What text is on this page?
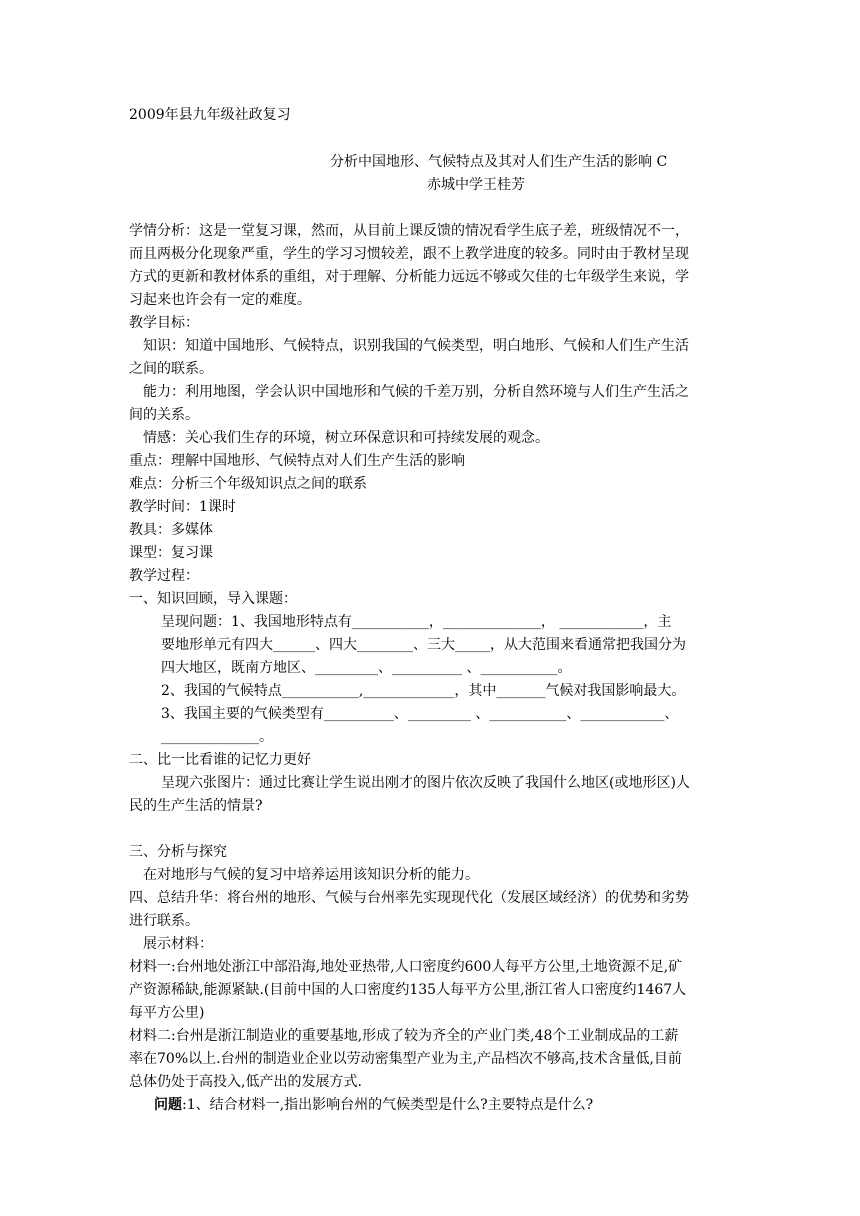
2009年县九年级社政复习
分析中国地形、气候特点及其对人们生产生活的影响 C
赤城中学王桂芳
学情分析：这是一堂复习课，然而，从目前上课反馈的情况看学生底子差，班级情况不一，
而且两极分化现象严重，学生的学习习惯较差，跟不上教学进度的较多。同时由于教材呈现
方式的更新和教材体系的重组，对于理解、分析能力远远不够或欠佳的七年级学生来说，学
习起来也许会有一定的难度。
教学目标：
知识：知道中国地形、气候特点，识别我国的气候类型，明白地形、气候和人们生产生活
之间的联系。
能力：利用地图，学会认识中国地形和气候的千差万别，分析自然环境与人们生产生活之
间的关系。
情感：关心我们生存的环境，树立环保意识和可持续发展的观念。
重点：理解中国地形、气候特点对人们生产生活的影响
难点：分析三个年级知识点之间的联系
教学时间：1课时
教具：多媒体
课型：复习课
教学过程：
一、知识回顾，导入课题：
呈现问题：1、我国地形特点有___________，______________， ____________，主
要地形单元有四大______、四大________、三大_____，从大范围来看通常把我国分为
四大地区，既南方地区、_________、__________ 、___________。
2、我国的气候特点___________,_____________，其中_______气候对我国影响最大。
3、我国主要的气候类型有__________、_________ 、___________、____________、
______________。
二、比一比看谁的记忆力更好
呈现六张图片：通过比赛让学生说出刚才的图片依次反映了我国什么地区(或地形区)人
民的生产生活的情景?
三、分析与探究
在对地形与气候的复习中培养运用该知识分析的能力。
四、总结升华：将台州的地形、气候与台州率先实现现代化（发展区域经济）的优势和劣势
进行联系。
展示材料：
材料一:台州地处浙江中部沿海,地处亚热带,人口密度约600人每平方公里,土地资源不足,矿
产资源稀缺,能源紧缺.(目前中国的人口密度约135人每平方公里,浙江省人口密度约1467人
每平方公里)
材料二:台州是浙江制造业的重要基地,形成了较为齐全的产业门类,48个工业制成品的工薪
率在70%以上.台州的制造业企业以劳动密集型产业为主,产品档次不够高,技术含量低,目前
总体仍处于高投入,低产出的发展方式.
问题:1、结合材料一,指出影响台州的气候类型是什么?主要特点是什么?
